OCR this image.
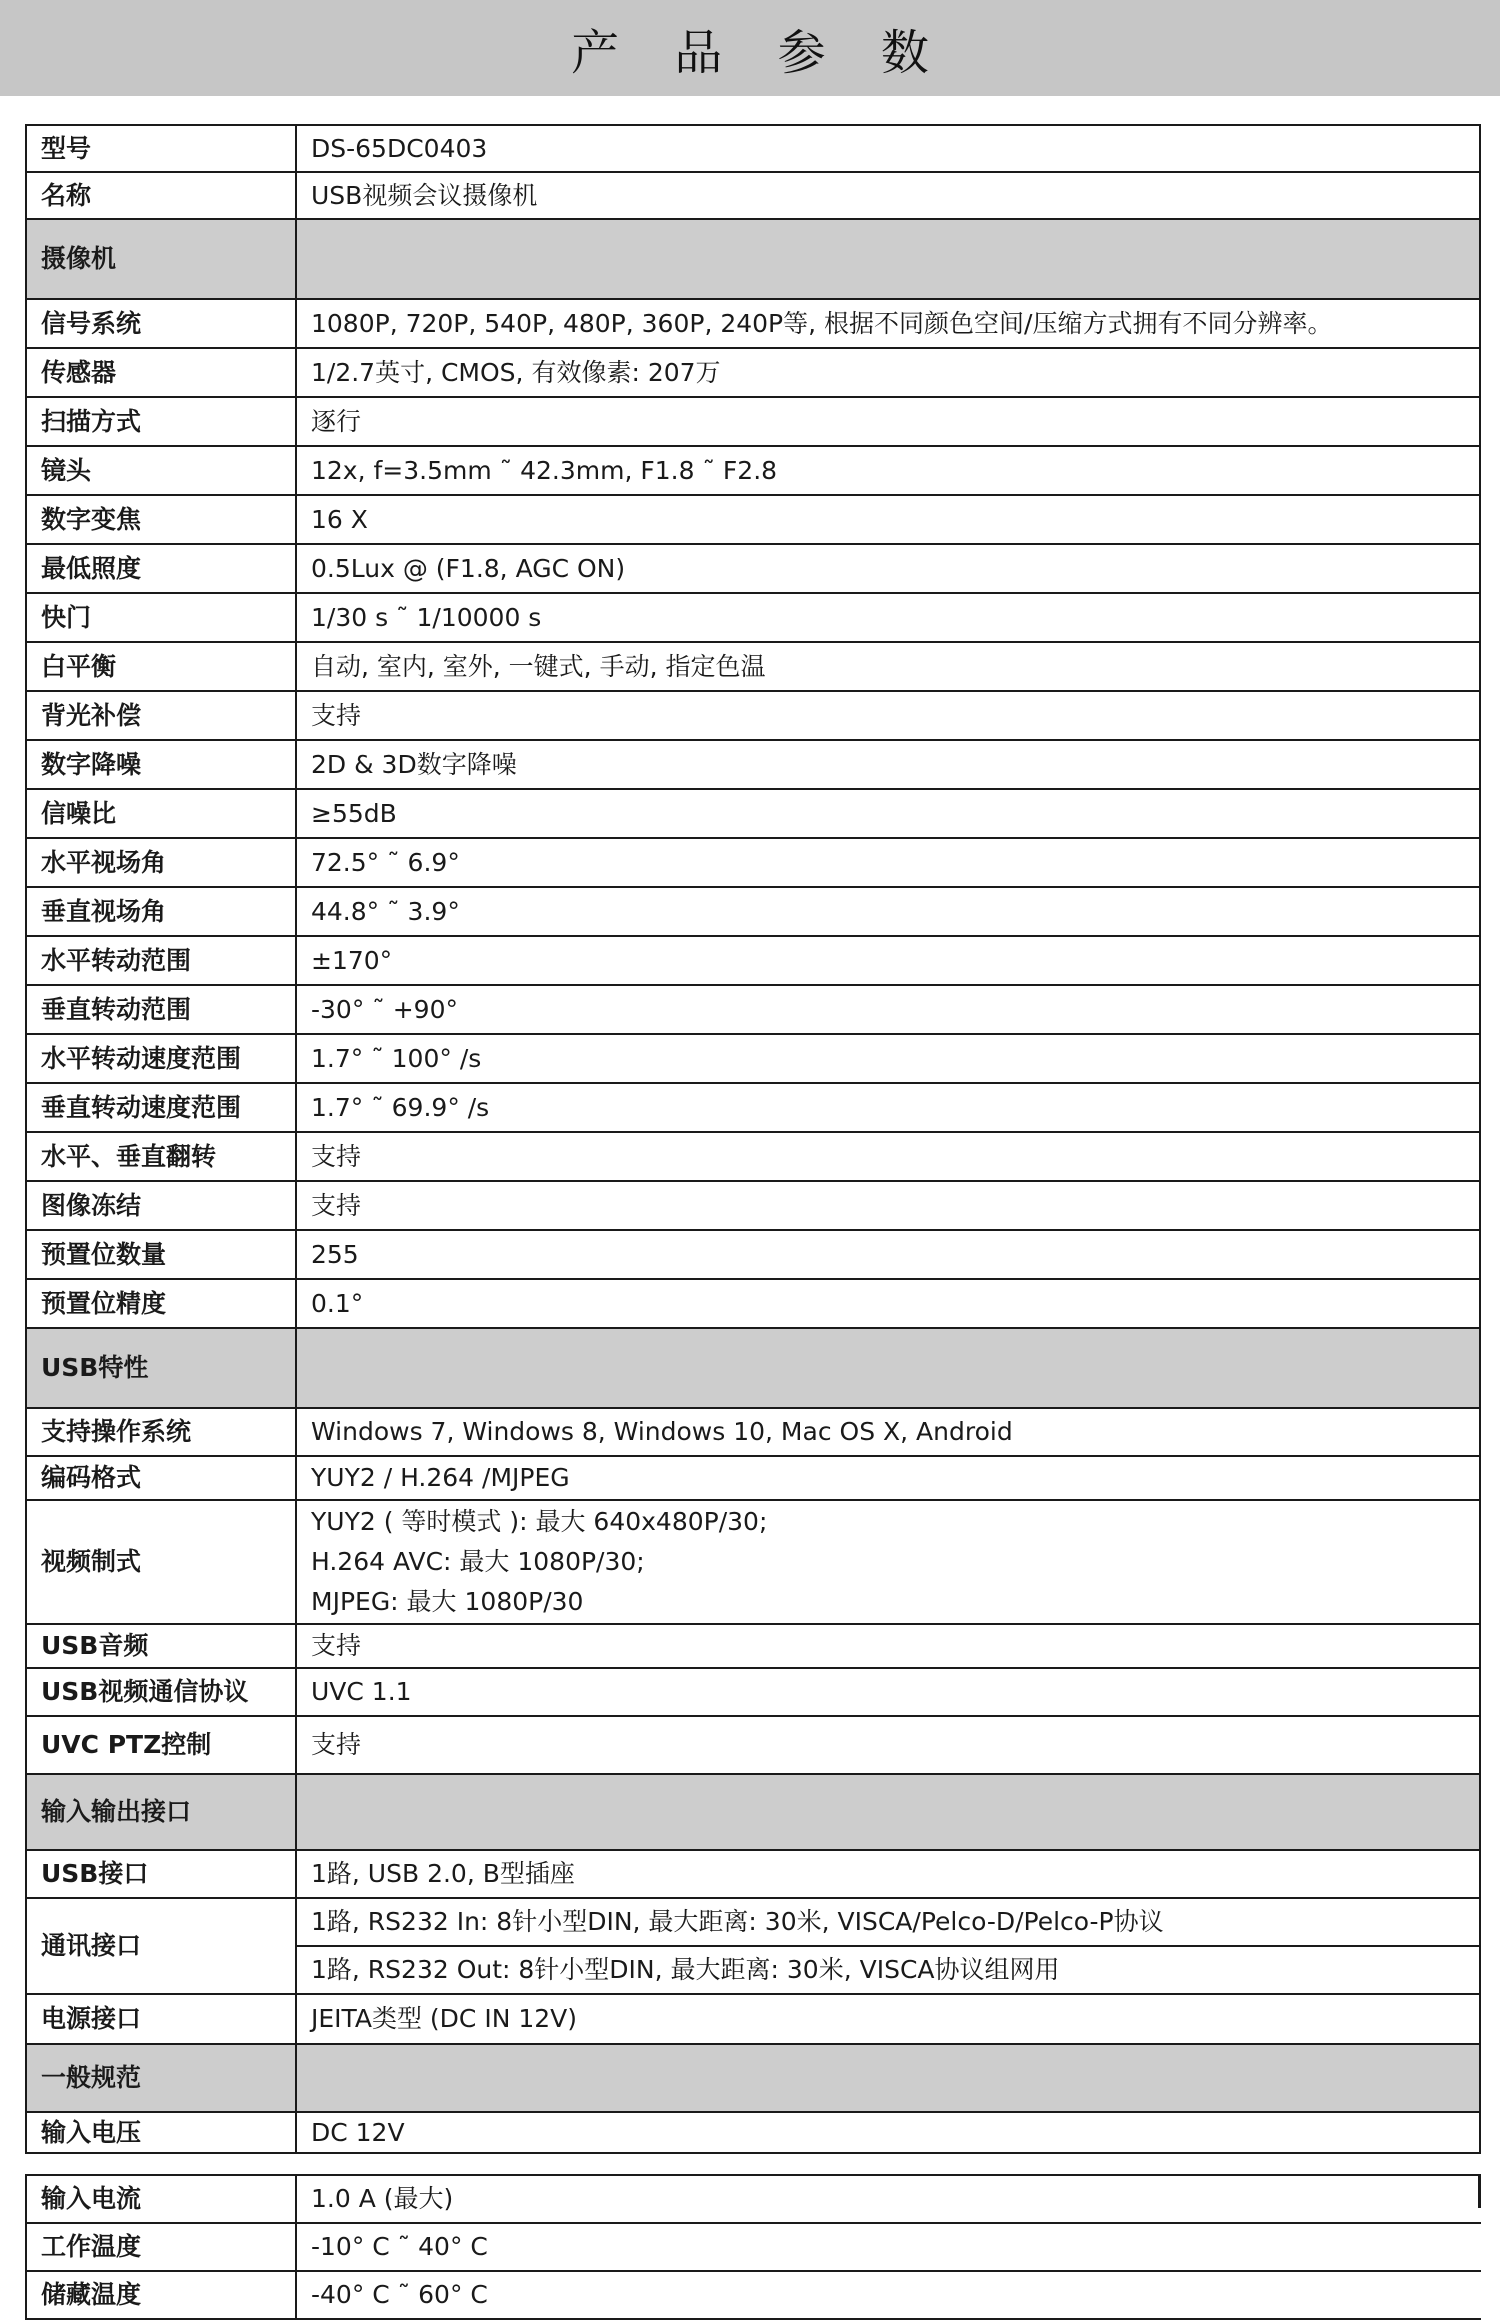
产 品 参 数
型号	DS-65DC0403
名称	USB视频会议摄像机
摄像机	
信号系统	1080P, 720P, 540P, 480P, 360P, 240P等, 根据不同颜色空间/压缩方式拥有不同分辨率。
传感器	1/2.7英寸, CMOS, 有效像素: 207万
扫描方式	逐行
镜头	12x, f=3.5mm ˜ 42.3mm, F1.8 ˜ F2.8
数字变焦	16 X
最低照度	0.5Lux @ (F1.8, AGC ON)
快门	1/30 s ˜ 1/10000 s
白平衡	自动, 室内, 室外, 一键式, 手动, 指定色温
背光补偿	支持
数字降噪	2D & 3D数字降噪
信噪比	≥55dB
水平视场角	72.5° ˜ 6.9°
垂直视场角	44.8° ˜ 3.9°
水平转动范围	±170°
垂直转动范围	-30° ˜ +90°
水平转动速度范围	1.7° ˜ 100° /s
垂直转动速度范围	1.7° ˜ 69.9° /s
水平、垂直翻转	支持
图像冻结	支持
预置位数量	255
预置位精度	0.1°
USB特性	
支持操作系统	Windows 7, Windows 8, Windows 10, Mac OS X, Android
编码格式	YUY2 / H.264 /MJPEG
视频制式	YUY2 ( 等时模式 ): 最大 640x480P/30;
H.264 AVC: 最大 1080P/30;
MJPEG: 最大 1080P/30
USB音频	支持
USB视频通信协议	UVC 1.1
UVC PTZ控制	支持
输入输出接口	
USB接口	1路, USB 2.0, B型插座
通讯接口	1路, RS232 In: 8针小型DIN, 最大距离: 30米, VISCA/Pelco-D/Pelco-P协议
	1路, RS232 Out: 8针小型DIN, 最大距离: 30米, VISCA协议组网用
电源接口	JEITA类型 (DC IN 12V)
一般规范	
输入电压	DC 12V
输入电流	1.0 A (最大)
工作温度	-10° C ˜ 40° C
储藏温度	-40° C ˜ 60° C
